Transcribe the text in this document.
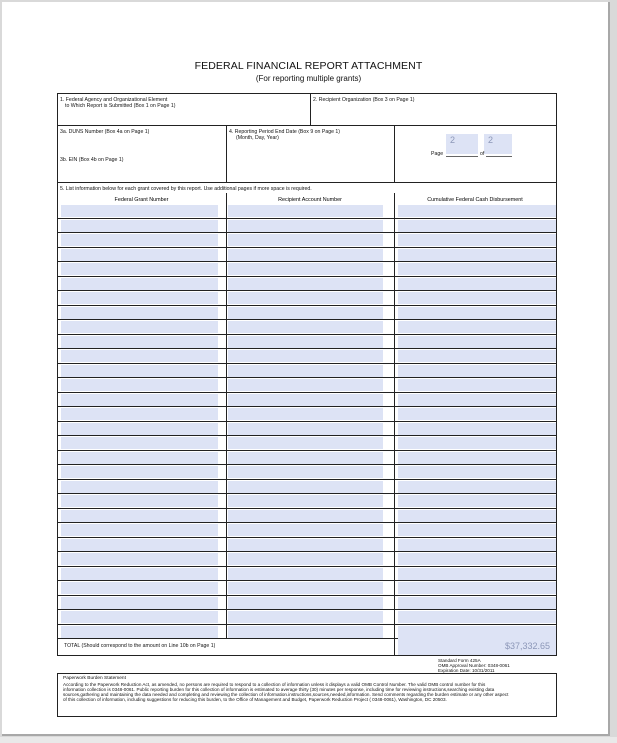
FEDERAL FINANCIAL REPORT ATTACHMENT
(For reporting multiple grants)
1. Federal Agency and Organizational Element
to Which Report is Submitted (Box 1 on Page 1)
2. Recipient Organization (Box 3 on Page 1)
3a. DUNS Number (Box 4a on Page 1)
3b. EIN (Box 4b on Page 1)
4. Reporting Period End Date (Box 9 on Page 1)
(Month, Day, Year)	2	2
Page	of
5. List information below for each grant covered by this report. Use additional pages if more space is required.
Federal Grant Number	Recipient Account Number	Cumulative Federal Cash Disbursement
TOTAL (Should correspond to the amount on Line 10b on Page 1)	$37,332.65
Standard Form 425A
OMB Approval Number: 0348-0061
Expiration Date: 10/31/2011
Paperwork Burden Statement
According to the Paperwork Reduction Act, as amended, no persons are required to respond to a collection of information unless it displays a valid OMB Control Number. The valid OMB control number for this
information collection is 0348-0061. Public reporting burden for this collection of information is estimated to average thirty (30) minutes per response, including time for reviewing instructions,searching existing data
sources,gathering and maintaining the data needed and completing and reviewing the collection of information.instructions,sources,needed,information. Send comments regarding the burden estimate or any other aspect
of this collection of information, including suggestions for reducing this burden, to the Office of Management and Budget, Paperwork Reduction Project ( 0348-0061), Washington, DC 20503.
